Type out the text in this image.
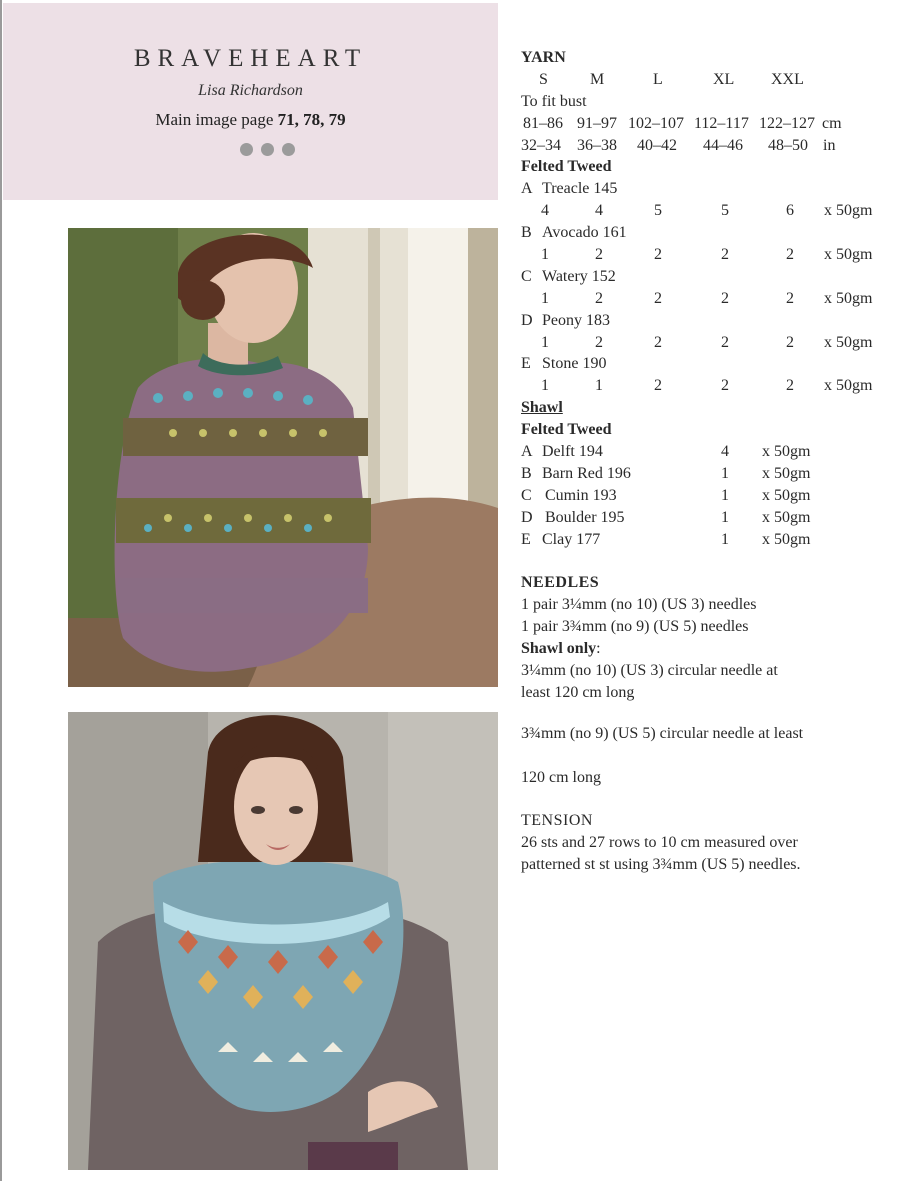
BRAVEHEART
Lisa Richardson
Main image page 71, 78, 79
YARN
S	M	L	XL XXL
To fit bust
81–86 91–97 102–107 112–117 122–127 cm
32–34 36–38 40–42 44–46 48–50 in
Felted Tweed
A Treacle 145
4	4	5	5	6 x 50gm
B Avocado 161
1	2	2	2	2 x 50gm
C Watery 152
1	2	2	2	2 x 50gm
D Peony 183
1	2	2	2	2 x 50gm
E Stone 190
1	1	2	2	2 x 50gm
Shawl
Felted Tweed
A Delft 194	4 x 50gm
B Barn Red 196	1 x 50gm
C Cumin 193	1 x 50gm
D Boulder 195	1 x 50gm
E Clay 177	1 x 50gm
NEEDLES
1 pair 3¼mm (no 10) (US 3) needles
1 pair 3¾mm (no 9) (US 5) needles
Shawl only:
3¼mm (no 10) (US 3) circular needle at
least 120 cm long
3¾mm (no 9) (US 5) circular needle at least
120 cm long
TENSION
26 sts and 27 rows to 10 cm measured over
patterned st st using 3¾mm (US 5) needles.
